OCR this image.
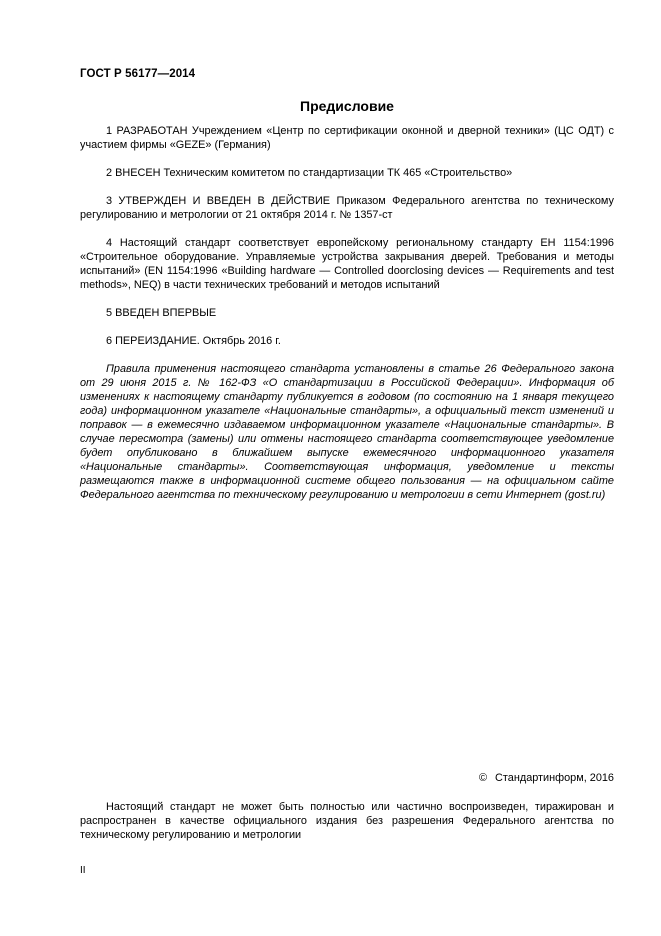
ГОСТ Р 56177—2014
Предисловие

1 РАЗРАБОТАН Учреждением «Центр по сертификации оконной и дверной техники» (ЦС ОДТ) с участием фирмы «GEZE» (Германия)

2 ВНЕСЕН Техническим комитетом по стандартизации ТК 465 «Строительство»

3 УТВЕРЖДЕН И ВВЕДЕН В ДЕЙСТВИЕ Приказом Федерального агентства по техническому регулированию и метрологии от 21 октября 2014 г. № 1357-ст

4 Настоящий стандарт соответствует европейскому региональному стандарту ЕН 1154:1996 «Строительное оборудование. Управляемые устройства закрывания дверей. Требования и методы испытаний» (EN 1154:1996 «Building hardware — Controlled doorclosing devices — Requirements and test methods», NEQ) в части технических требований и методов испытаний

5 ВВЕДЕН ВПЕРВЫЕ

6 ПЕРЕИЗДАНИЕ. Октябрь 2016 г.

Правила применения настоящего стандарта установлены в статье 26 Федерального закона от 29 июня 2015 г. № 162-ФЗ «О стандартизации в Российской Федерации». Информация об изменениях к настоящему стандарту публикуется в годовом (по состоянию на 1 января текущего года) информационном указателе «Национальные стандарты», а официальный текст изменений и поправок — в ежемесячно издаваемом информационном указателе «Национальные стандарты». В случае пересмотра (замены) или отмены настоящего стандарта соответствующее уведомление будет опубликовано в ближайшем выпуске ежемесячного информационного указателя «Национальные стандарты». Соответствующая информация, уведомление и тексты размещаются также в информационной системе общего пользования — на официальном сайте Федерального агентства по техническому регулированию и метрологии в сети Интернет (gost.ru)

© Стандартинформ, 2016
Настоящий стандарт не может быть полностью или частично воспроизведен, тиражирован и распространен в качестве официального издания без разрешения Федерального агентства по техническому регулированию и метрологии
II
